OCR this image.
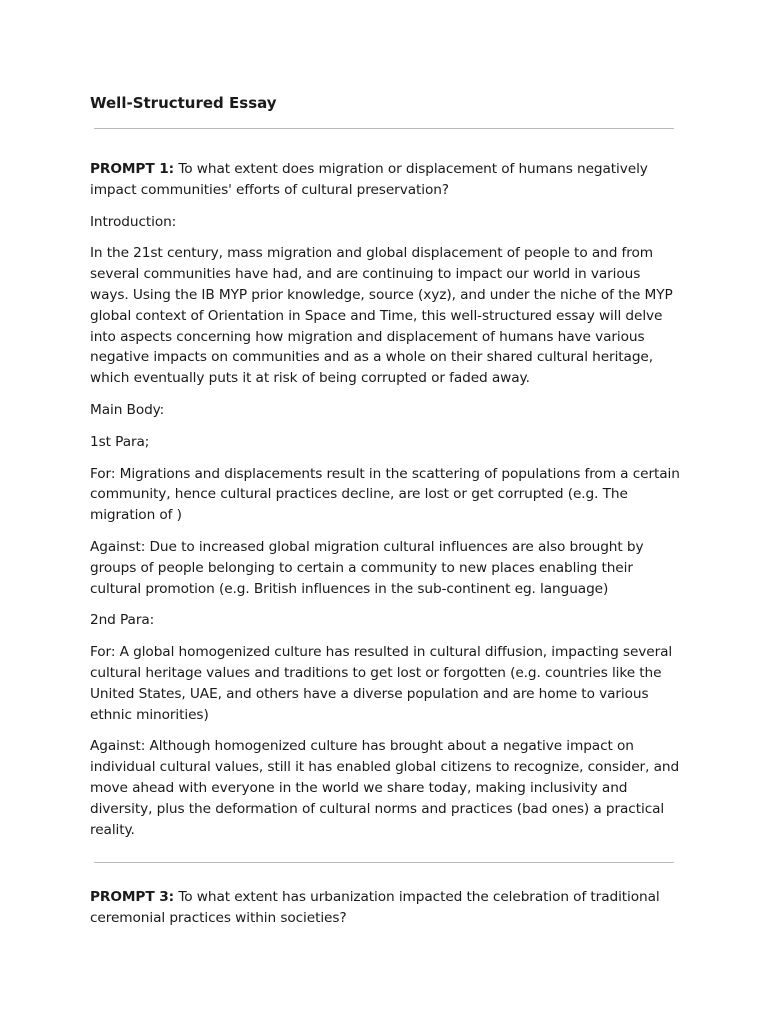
Well-Structured Essay

PROMPT 1: To what extent does migration or displacement of humans negatively impact communities' efforts of cultural preservation?

Introduction:

In the 21st century, mass migration and global displacement of people to and from several communities have had, and are continuing to impact our world in various ways. Using the IB MYP prior knowledge, source (xyz), and under the niche of the MYP global context of Orientation in Space and Time, this well-structured essay will delve into aspects concerning how migration and displacement of humans have various negative impacts on communities and as a whole on their shared cultural heritage, which eventually puts it at risk of being corrupted or faded away.

Main Body:

1st Para;

For: Migrations and displacements result in the scattering of populations from a certain community, hence cultural practices decline, are lost or get corrupted (e.g. The migration of )

Against: Due to increased global migration cultural influences are also brought by groups of people belonging to certain a community to new places enabling their cultural promotion (e.g. British influences in the sub-continent eg. language)

2nd Para:

For: A global homogenized culture has resulted in cultural diffusion, impacting several cultural heritage values and traditions to get lost or forgotten (e.g. countries like the United States, UAE, and others have a diverse population and are home to various ethnic minorities)

Against: Although homogenized culture has brought about a negative impact on individual cultural values, still it has enabled global citizens to recognize, consider, and move ahead with everyone in the world we share today, making inclusivity and diversity, plus the deformation of cultural norms and practices (bad ones) a practical reality.

PROMPT 3: To what extent has urbanization impacted the celebration of traditional ceremonial practices within societies?
